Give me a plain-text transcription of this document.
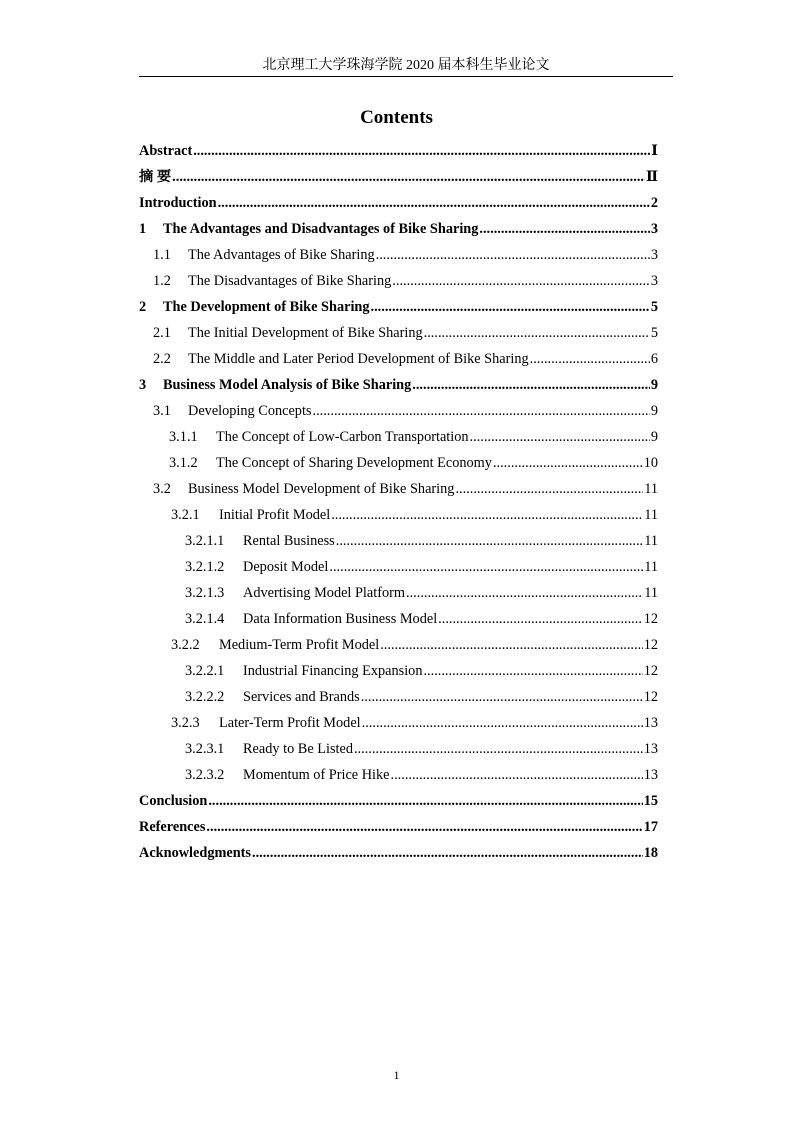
北京理工大学珠海学院 2020 届本科生毕业论文
Contents
Abstract .....	Ⅰ
摘 要 .....	Ⅱ
Introduction .....	2
1	The Advantages and Disadvantages of Bike Sharing .....	3
1.1	The Advantages of Bike Sharing .....	3
1.2	The Disadvantages of Bike Sharing .....	3
2	The Development of Bike Sharing .....	5
2.1	The Initial Development of Bike Sharing .....	5
2.2	The Middle and Later Period Development of Bike Sharing .....	6
3	Business Model Analysis of Bike Sharing .....	9
3.1	Developing Concepts .....	9
3.1.1	The Concept of Low-Carbon Transportation .....	9
3.1.2	The Concept of Sharing Development Economy .....	10
3.2	Business Model Development of Bike Sharing .....	11
3.2.1	Initial Profit Model .....	11
3.2.1.1	Rental Business .....	11
3.2.1.2	Deposit Model .....	11
3.2.1.3	Advertising Model Platform .....	11
3.2.1.4	Data Information Business Model .....	12
3.2.2	Medium-Term Profit Model .....	12
3.2.2.1	Industrial Financing Expansion .....	12
3.2.2.2	Services and Brands .....	12
3.2.3	Later-Term Profit Model .....	13
3.2.3.1	Ready to Be Listed .....	13
3.2.3.2	Momentum of Price Hike .....	13
Conclusion .....	15
References .....	17
Acknowledgments .....	18
1
